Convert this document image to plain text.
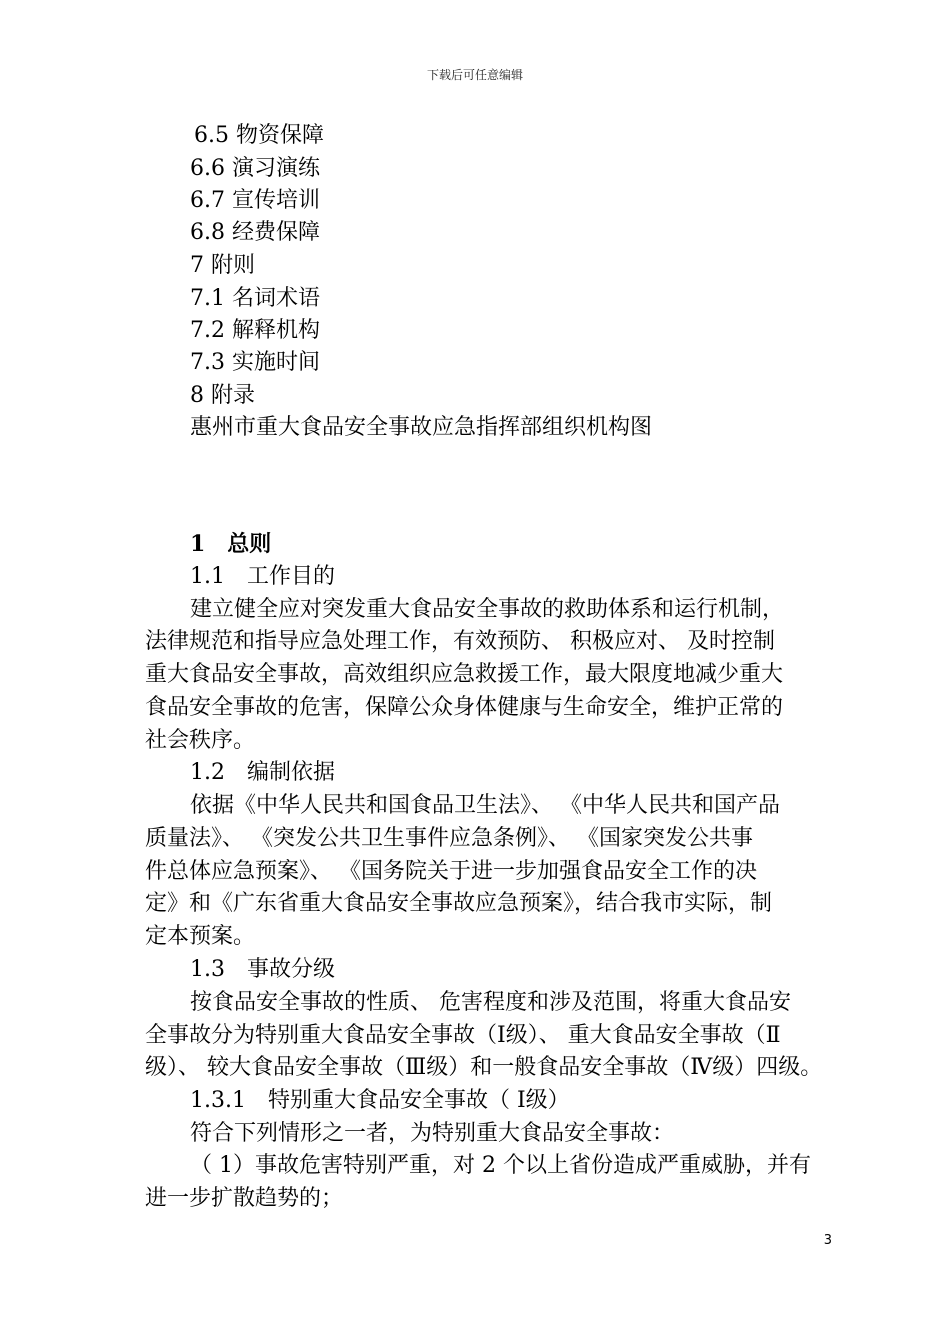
下载后可任意编辑
6.5 物资保障
6.6 演习演练
6.7 宣传培训
6.8 经费保障
7 附则
7.1 名词术语
7.2 解释机构
7.3 实施时间
8 附录
惠州市重大食品安全事故应急指挥部组织机构图
1　总则
1.1　工作目的
建立健全应对突发重大食品安全事故的救助体系和运行机制，
法律规范和指导应急处理工作，有效预防、 积极应对、 及时控制
重大食品安全事故，高效组织应急救援工作，最大限度地减少重大
食品安全事故的危害，保障公众身体健康与生命安全，维护正常的
社会秩序。
1.2　编制依据
依据《中华人民共和国食品卫生法》、 《中华人民共和国产品
质量法》、 《突发公共卫生事件应急条例》、 《国家突发公共事
件总体应急预案》、 《国务院关于进一步加强食品安全工作的决
定》和《广东省重大食品安全事故应急预案》，结合我市实际，制
定本预案。
1.3　事故分级
按食品安全事故的性质、 危害程度和涉及范围，将重大食品安
全事故分为特别重大食品安全事故（Ⅰ级）、 重大食品安全事故（Ⅱ
级）、 较大食品安全事故（Ⅲ级）和一般食品安全事故（Ⅳ级）四级。
1.3.1　特别重大食品安全事故（ Ⅰ级）
符合下列情形之一者，为特别重大食品安全事故：
（ 1）事故危害特别严重，对 2 个以上省份造成严重威胁，并有
进一步扩散趋势的；
3
